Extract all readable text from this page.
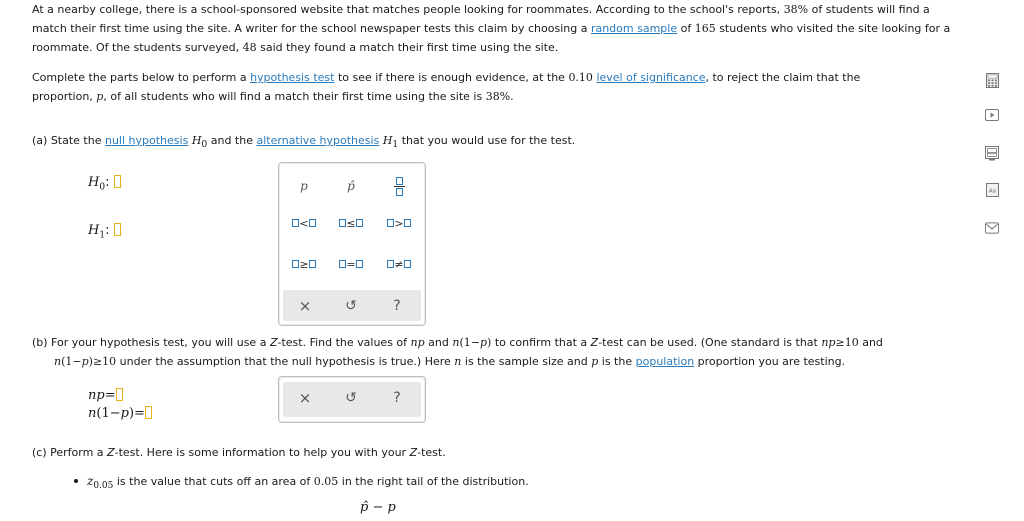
At a nearby college, there is a school-sponsored website that matches people looking for roommates. According to the school's reports, 38% of students will find a match their first time using the site. A writer for the school newspaper tests this claim by choosing a random sample of 165 students who visited the site looking for a roommate. Of the students surveyed, 48 said they found a match their first time using the site.
Complete the parts below to perform a hypothesis test to see if there is enough evidence, at the 0.10 level of significance, to reject the claim that the proportion, p, of all students who will find a match their first time using the site is 38%.
(a) State the null hypothesis $H_0$ and the alternative hypothesis $H_1$ that you would use for the test.
$H_0$:
$H_1$:
p	p̂
<	≤	>
≥	=	≠
× ↺	?
(b) For your hypothesis test, you will use a Z-test. Find the values of np and n(1−p) to confirm that a Z-test can be used. (One standard is that np≥10 and
n(1−p)≥10 under the assumption that the null hypothesis is true.) Here n is the sample size and p is the population proportion you are testing.
np=
n(1−p)=
× ↺	?
(c) Perform a Z-test. Here is some information to help you with your Z-test.
$z_{0.05}$ is the value that cuts off an area of 0.05 in the right tail of the distribution.
p̂ − p
Aa
